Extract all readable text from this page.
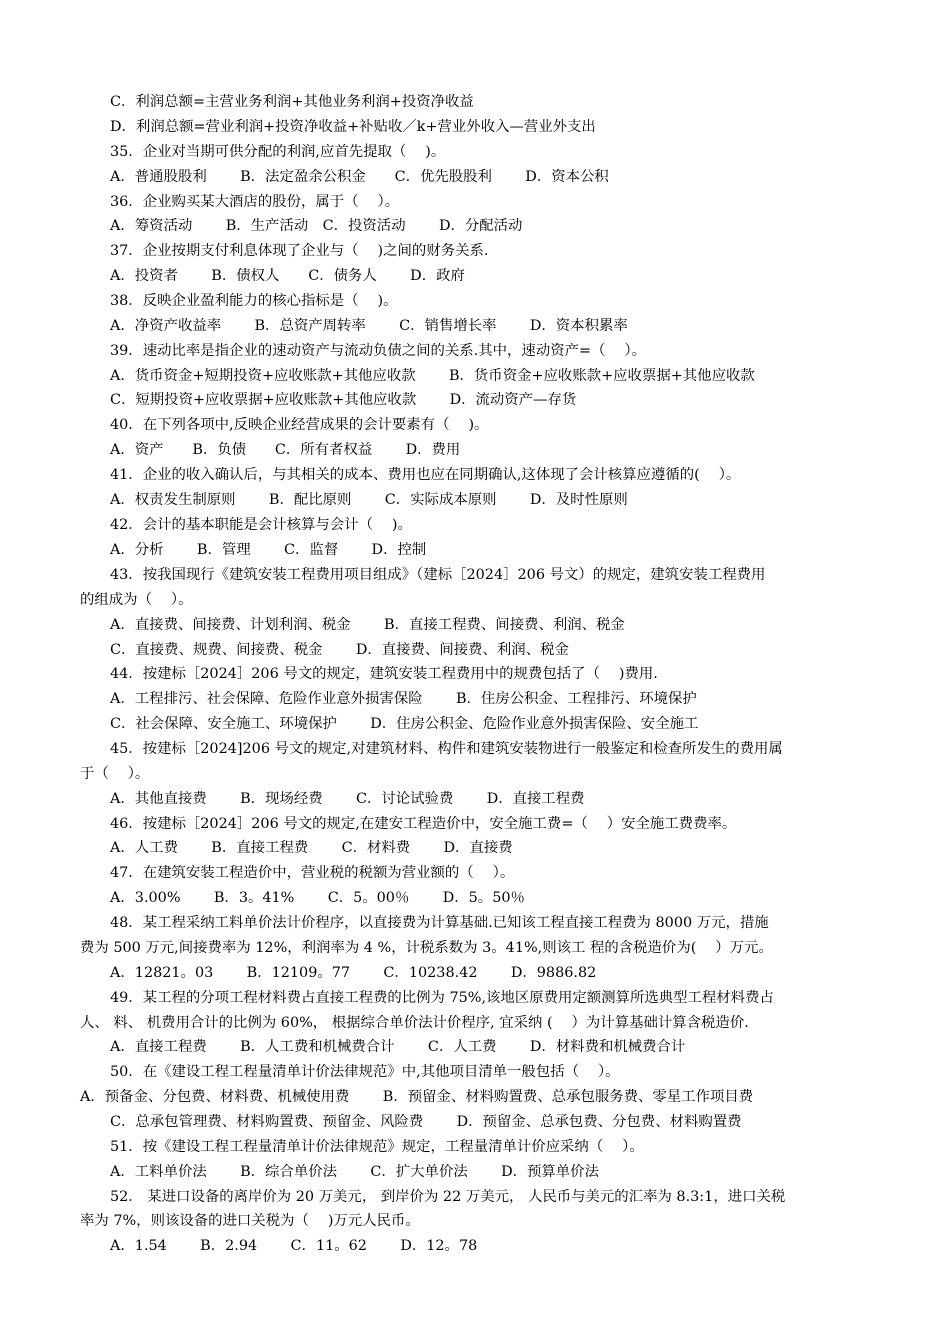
C．利润总额=主营业务利润+其他业务利润+投资净收益
D．利润总额=营业利润+投资净收益+补贴收／k+营业外收入—营业外支出
35．企业对当期可供分配的利润,应首先提取（　 )。
A．普通股股利　　 B．法定盈余公积金　　C．优先股股利　　 D．资本公积
36．企业购买某大酒店的股份，属于（　 ）。
A．筹资活动　　 B．生产活动　C．投资活动　　 D．分配活动
37．企业按期支付利息体现了企业与（　 )之间的财务关系.
A．投资者　　 B．债权人　　C．债务人　　 D．政府
38．反映企业盈利能力的核心指标是（　 )。
A．净资产收益率　　 B．总资产周转率　　 C．销售增长率　　 D．资本积累率
39．速动比率是指企业的速动资产与流动负债之间的关系.其中，速动资产=（　 ）。
A．货币资金+短期投资+应收账款+其他应收款　　 B．货币资金+应收账款+应收票据+其他应收款
C．短期投资+应收票据+应收账款+其他应收款　　 D．流动资产—存货
40．在下列各项中,反映企业经营成果的会计要素有（　 )。
A．资产　　B．负债　　C．所有者权益　　 D．费用
41．企业的收入确认后，与其相关的成本、费用也应在同期确认,这体现了会计核算应遵循的(　 ）。
A．权责发生制原则　　 B．配比原则　　 C．实际成本原则　　 D．及时性原则
42．会计的基本职能是会计核算与会计（　 )。
A．分析　　 B．管理　　 C．监督　　 D．控制
43．按我国现行《建筑安装工程费用项目组成》（建标［2024］206 号文）的规定，建筑安装工程费用
的组成为（　 ）。
A．直接费、间接费、计划利润、税金　　 B．直接工程费、间接费、利润、税金
C．直接费、规费、间接费、税金　　 D．直接费、间接费、利润、税金
44．按建标［2024］206 号文的规定，建筑安装工程费用中的规费包括了（　 )费用.
A．工程排污、社会保障、危险作业意外损害保险　　 B．住房公积金、工程排污、环境保护
C．社会保障、安全施工、环境保护　　 D．住房公积金、危险作业意外损害保险、安全施工
45．按建标［2024]206 号文的规定,对建筑材料、构件和建筑安装物进行一般鉴定和检查所发生的费用属
于（　 ）。
A．其他直接费　　 B．现场经费　　 C．讨论试验费　　 D．直接工程费
46．按建标［2024］206 号文的规定,在建安工程造价中，安全施工费=（　 ）安全施工费费率。
A．人工费　　 B．直接工程费　　 C．材料费　　 D．直接费
47．在建筑安装工程造价中，营业税的税额为营业额的（　 ）。
A．3.00%　　 B．3。41%　　 C．5。00％　　 D．5。50％
48．某工程采纳工料单价法计价程序，以直接费为计算基础.已知该工程直接工程费为 8000 万元，措施
费为 500 万元,间接费率为 12%，利润率为 4 %，计税系数为 3。41%,则该工 程的含税造价为(　 ）万元。
A．12821。03　　 B．12109。77　　 C．10238.42　　 D．9886.82
49．某工程的分项工程材料费占直接工程费的比例为 75%,该地区原费用定额测算所选典型工程材料费占
人、 料、 机费用合计的比例为 60%， 根据综合单价法计价程序, 宜采纳 (　 ）为计算基础计算含税造价.
A．直接工程费　　 B．人工费和机械费合计　　 C．人工费　　 D．材料费和机械费合计
50．在《建设工程工程量清单计价法律规范》中,其他项目清单一般包括（　 ）。
A．预备金、分包费、材料费、机械使用费　　 B．预留金、材料购置费、总承包服务费、零星工作项目费
C．总承包管理费、材料购置费、预留金、风险费　　 D．预留金、总承包费、分包费、材料购置费
51．按《建设工程工程量清单计价法律规范》规定，工程量清单计价应采纳（　 ）。
A．工料单价法　　 B．综合单价法　　 C．扩大单价法　　 D．预算单价法
52． 某进口设备的离岸价为 20 万美元， 到岸价为 22 万美元， 人民币与美元的汇率为 8.3:1，进口关税
率为 7%，则该设备的进口关税为（　 )万元人民币。
A．1.54　　 B．2.94　　 C．11。62　　 D．12。78
